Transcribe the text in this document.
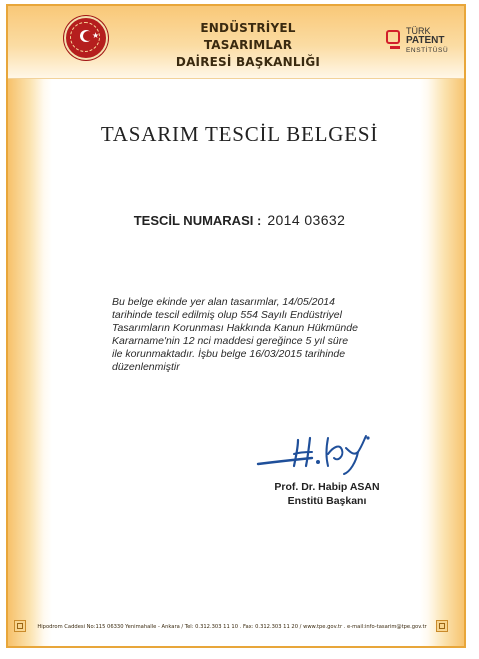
★
ENDÜSTRİYEL TASARIMLAR
DAİRESİ BAŞKANLIĞI
TÜRK
PATENT
ENSTİTÜSÜ
TASARIM TESCİL BELGESİ
TESCİL NUMARASI : 2014 03632
Bu belge ekinde yer alan tasarımlar, 14/05/2014
tarihinde tescil edilmiş olup 554 Sayılı Endüstriyel
Tasarımların Korunması Hakkında Kanun Hükmünde
Kararname'nin 12 nci maddesi gereğince 5 yıl süre
ile korunmaktadır. İşbu belge 16/03/2015 tarihinde
düzenlenmiştir
Prof. Dr. Habip ASAN
Enstitü Başkanı
Hipodrom Caddesi No:115 06330 Yenimahalle - Ankara / Tel: 0.312.303 11 10 . Fax: 0.312.303 11 20 / www.tpe.gov.tr . e-mail:info-tasarim@tpe.gov.tr
